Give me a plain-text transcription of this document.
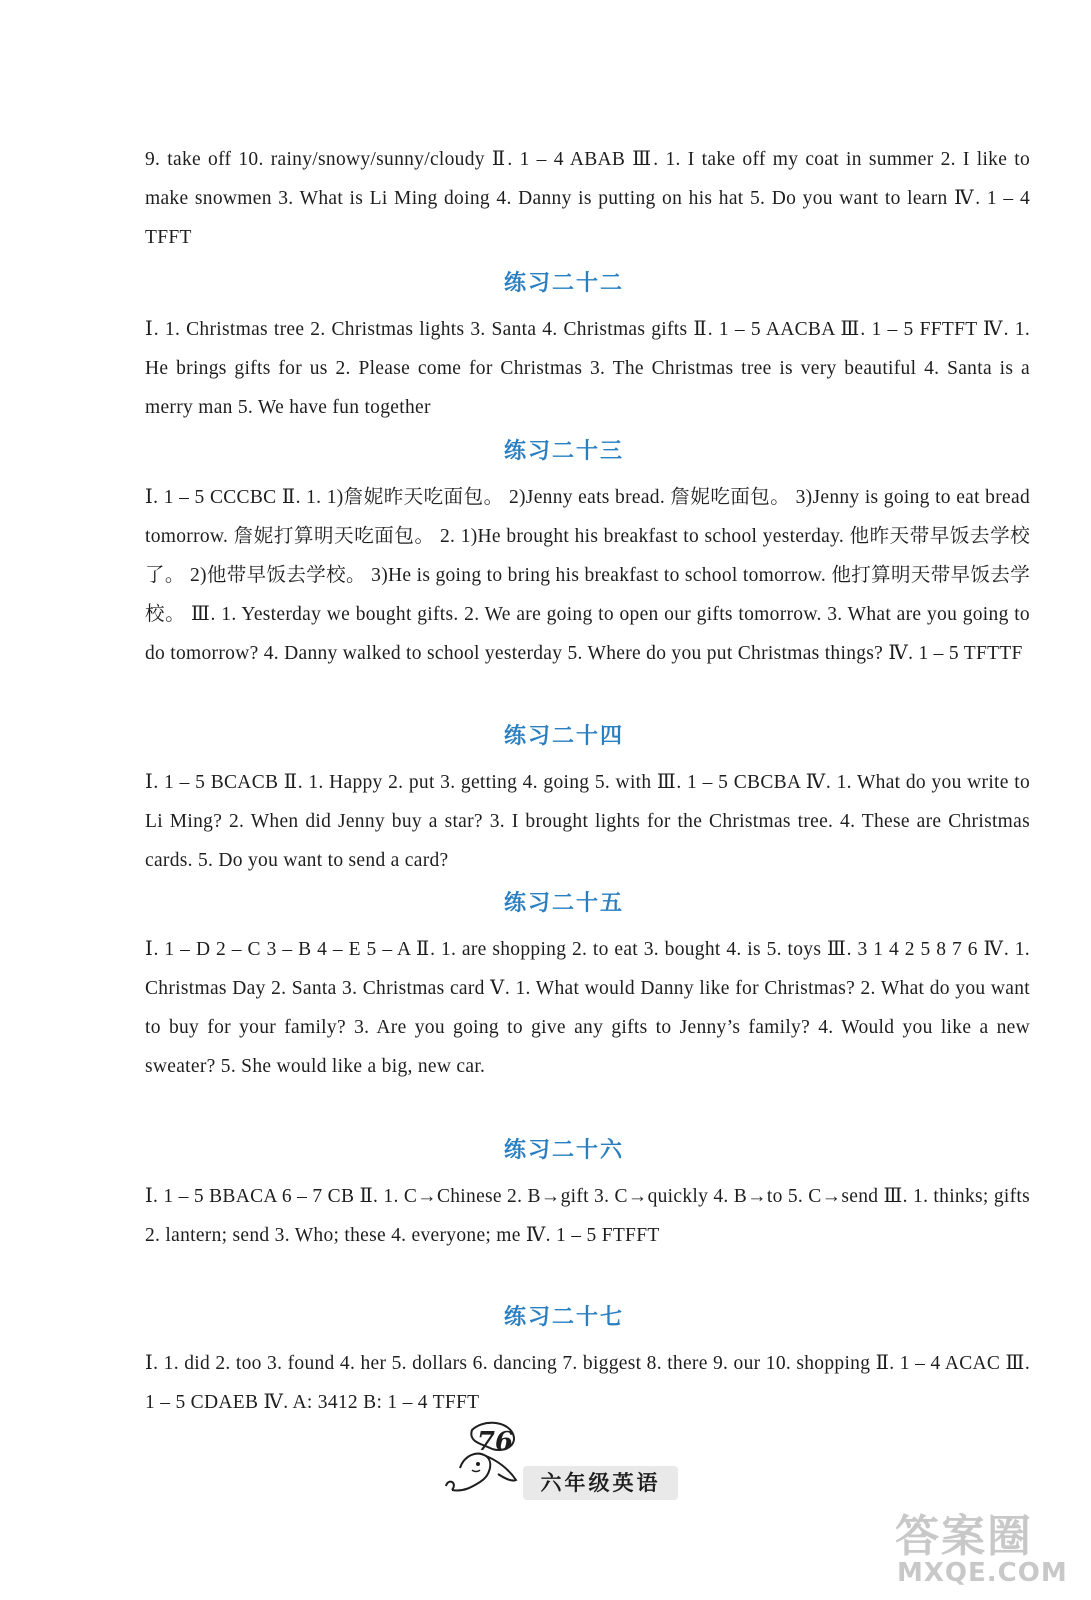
9. take off 10. rainy/snowy/sunny/cloudy Ⅱ. 1 – 4 ABAB Ⅲ. 1. I take off my coat in summer 2. I like to make snowmen 3. What is Li Ming doing 4. Danny is putting on his hat 5. Do you want to learn Ⅳ. 1 – 4 TFFT
练习二十二
Ⅰ. 1. Christmas tree 2. Christmas lights 3. Santa 4. Christmas gifts Ⅱ. 1 – 5 AACBA Ⅲ. 1 – 5 FFTFT Ⅳ. 1. He brings gifts for us 2. Please come for Christmas 3. The Christmas tree is very beautiful 4. Santa is a merry man 5. We have fun together
练习二十三
Ⅰ. 1 – 5 CCCBC Ⅱ. 1. 1)詹妮昨天吃面包。 2)Jenny eats bread. 詹妮吃面包。 3)Jenny is going to eat bread tomorrow. 詹妮打算明天吃面包。 2. 1)He brought his breakfast to school yesterday. 他昨天带早饭去学校了。 2)他带早饭去学校。 3)He is going to bring his breakfast to school tomorrow. 他打算明天带早饭去学校。 Ⅲ. 1. Yesterday we bought gifts. 2. We are going to open our gifts tomorrow. 3. What are you going to do tomorrow? 4. Danny walked to school yesterday 5. Where do you put Christmas things? Ⅳ. 1 – 5 TFTTF
练习二十四
Ⅰ. 1 – 5 BCACB Ⅱ. 1. Happy 2. put 3. getting 4. going 5. with Ⅲ. 1 – 5 CBCBA Ⅳ. 1. What do you write to Li Ming? 2. When did Jenny buy a star? 3. I brought lights for the Christmas tree. 4. These are Christmas cards. 5. Do you want to send a card?
练习二十五
Ⅰ. 1 – D 2 – C 3 – B 4 – E 5 – A Ⅱ. 1. are shopping 2. to eat 3. bought 4. is 5. toys Ⅲ. 3 1 4 2 5 8 7 6 Ⅳ. 1. Christmas Day 2. Santa 3. Christmas card Ⅴ. 1. What would Danny like for Christmas? 2. What do you want to buy for your family? 3. Are you going to give any gifts to Jenny’s family? 4. Would you like a new sweater? 5. She would like a big, new car.
练习二十六
Ⅰ. 1 – 5 BBACA 6 – 7 CB Ⅱ. 1. C→Chinese 2. B→gift 3. C→quickly 4. B→to 5. C→send Ⅲ. 1. thinks; gifts 2. lantern; send 3. Who; these 4. everyone; me Ⅳ. 1 – 5 FTFFT
练习二十七
Ⅰ. 1. did 2. too 3. found 4. her 5. dollars 6. dancing 7. biggest 8. there 9. our 10. shopping Ⅱ. 1 – 4 ACAC Ⅲ. 1 – 5 CDAEB Ⅳ. A: 3412 B: 1 – 4 TFFT
76
六年级英语
答案圈
MXQE.COM
